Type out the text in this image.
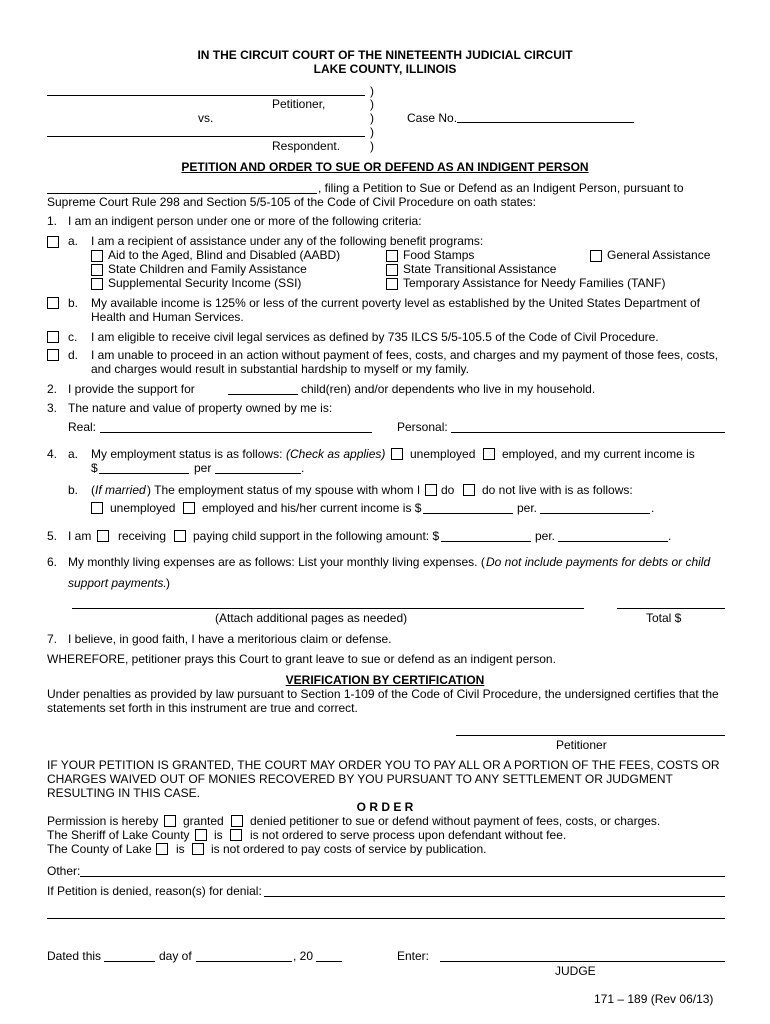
IN THE CIRCUIT COURT OF THE NINETEENTH JUDICIAL CIRCUIT
LAKE COUNTY, ILLINOIS
)
Petitioner,	)
vs.	)	Case No.
)
Respondent. )
PETITION AND ORDER TO SUE OR DEFEND AS AN INDIGENT PERSON
, filing a Petition to Sue or Defend as an Indigent Person, pursuant to
Supreme Court Rule 298 and Section 5/5-105 of the Code of Civil Procedure on oath states:
1. I am an indigent person under one or more of the following criteria:
a. I am a recipient of assistance under any of the following benefit programs:
Aid to the Aged, Blind and Disabled (AABD)	Food Stamps	General Assistance
State Children and Family Assistance	State Transitional Assistance
Supplemental Security Income (SSI)	Temporary Assistance for Needy Families (TANF)
b. My available income is 125% or less of the current poverty level as established by the United States Department of
Health and Human Services.
c. I am eligible to receive civil legal services as defined by 735 ILCS 5/5-105.5 of the Code of Civil Procedure.
d. I am unable to proceed in an action without payment of fees, costs, and charges and my payment of those fees, costs,
and charges would result in substantial hardship to myself or my family.
2. I provide the support for	child(ren) and/or dependents who live in my household.
3. The nature and value of property owned by me is:
Real:	Personal:
4. a. My employment status is as follows: (Check as applies) unemployed employed, and my current income is
$	per	.
b. ( If married ) The employment status of my spouse with whom I do do not live with is as follows:
unemployed employed and his/her current income is $	per.	.
5. I am receiving paying child support in the following amount: $	per.	.
6. My monthly living expenses are as follows: List your monthly living expenses. ( Do not include payments for debts or child
support payments. )
(Attach additional pages as needed)	Total $
7. I believe, in good faith, I have a meritorious claim or defense.
WHEREFORE, petitioner prays this Court to grant leave to sue or defend as an indigent person.
VERIFICATION BY CERTIFICATION
Under penalties as provided by law pursuant to Section 1-109 of the Code of Civil Procedure, the undersigned certifies that the
statements set forth in this instrument are true and correct.
Petitioner
IF YOUR PETITION IS GRANTED, THE COURT MAY ORDER YOU TO PAY ALL OR A PORTION OF THE FEES, COSTS OR
CHARGES WAIVED OUT OF MONIES RECOVERED BY YOU PURSUANT TO ANY SETTLEMENT OR JUDGMENT
RESULTING IN THIS CASE.
O R D E R
Permission is hereby granted denied petitioner to sue or defend without payment of fees, costs, or charges.
The Sheriff of Lake County is is not ordered to serve process upon defendant without fee.
The County of Lake is is not ordered to pay costs of service by publication.
Other:
If Petition is denied, reason(s) for denial:
Dated this	day of	, 20	Enter:
JUDGE
171 – 189 (Rev 06/13)
